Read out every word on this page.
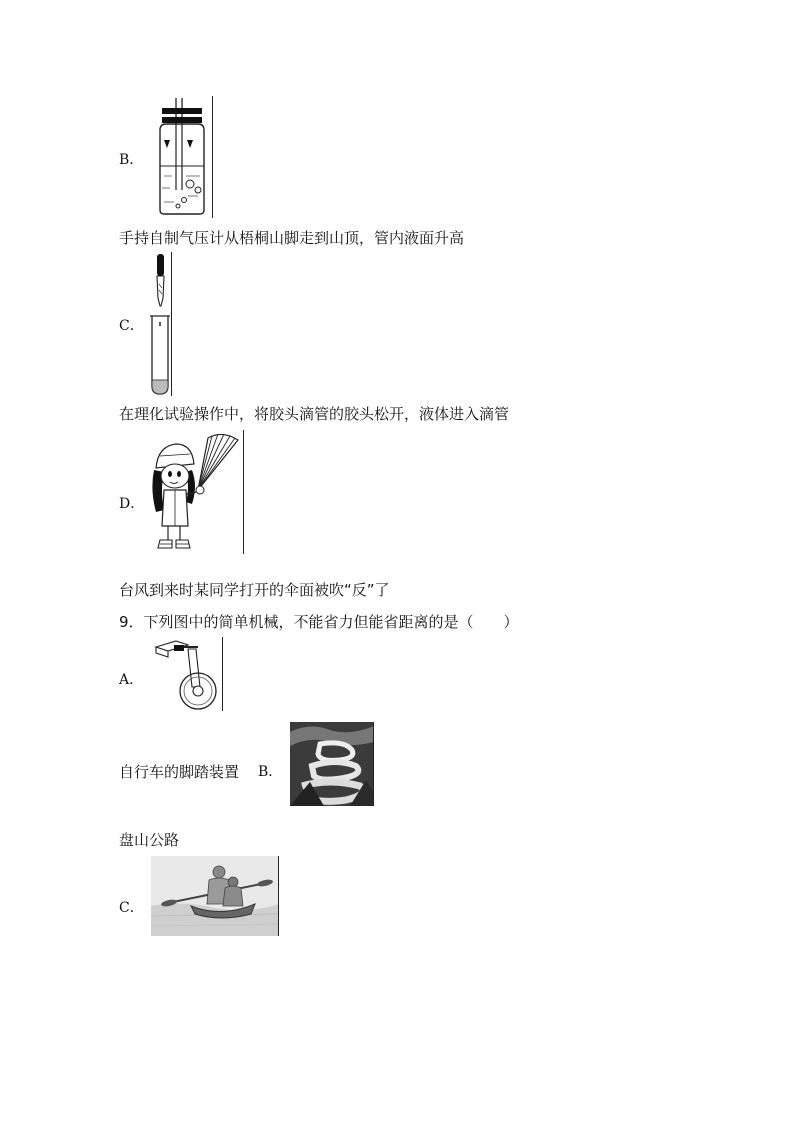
B．
手持自制气压计从梧桐山脚走到山顶，管内液面升高
C．
在理化试验操作中，将胶头滴管的胶头松开，液体进入滴管
D．
台风到来时某同学打开的伞面被吹“反”了
9．下列图中的简单机械，不能省力但能省距离的是（　　）
A．
自行车的脚踏装置 B．
盘山公路
C．
